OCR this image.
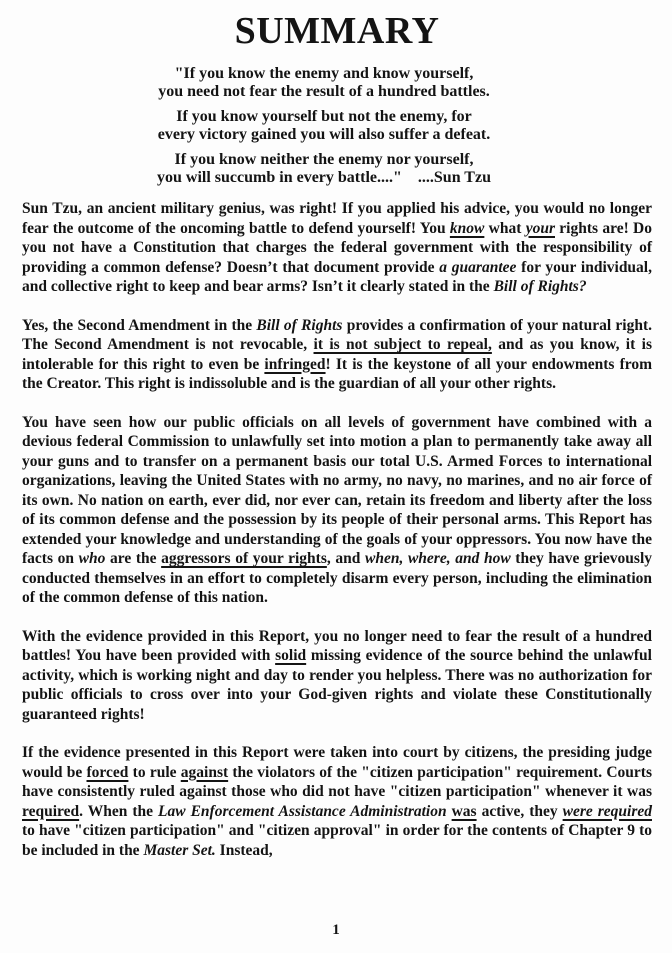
SUMMARY
"If you know the enemy and know yourself,
you need not fear the result of a hundred battles.
If you know yourself but not the enemy, for
every victory gained you will also suffer a defeat.
If you know neither the enemy nor yourself,
you will succumb in every battle...."    ....Sun Tzu

Sun Tzu, an ancient military genius, was right! If you applied his advice, you would no longer fear the outcome of the oncoming battle to defend yourself! You know what your rights are! Do you not have a Constitution that charges the federal government with the responsibility of providing a common defense? Doesn’t that document provide a guarantee for your individual, and collective right to keep and bear arms? Isn’t it clearly stated in the Bill of Rights?

Yes, the Second Amendment in the Bill of Rights provides a confirmation of your natural right. The Second Amendment is not revocable, it is not subject to repeal, and as you know, it is intolerable for this right to even be infringed! It is the keystone of all your endowments from the Creator. This right is indissoluble and is the guardian of all your other rights.

You have seen how our public officials on all levels of government have combined with a devious federal Commission to unlawfully set into motion a plan to permanently take away all your guns and to transfer on a permanent basis our total U.S. Armed Forces to international organizations, leaving the United States with no army, no navy, no marines, and no air force of its own. No nation on earth, ever did, nor ever can, retain its freedom and liberty after the loss of its common defense and the possession by its people of their personal arms. This Report has extended your knowledge and understanding of the goals of your oppressors. You now have the facts on who are the aggressors of your rights, and when, where, and how they have grievously conducted themselves in an effort to completely disarm every person, including the elimination of the common defense of this nation.

With the evidence provided in this Report, you no longer need to fear the result of a hundred battles! You have been provided with solid missing evidence of the source behind the unlawful activity, which is working night and day to render you helpless. There was no authorization for public officials to cross over into your God-given rights and violate these Constitutionally guaranteed rights!

If the evidence presented in this Report were taken into court by citizens, the presiding judge would be forced to rule against the violators of the "citizen participation" requirement. Courts have consistently ruled against those who did not have "citizen participation" whenever it was required. When the Law Enforcement Assistance Administration was active, they were required to have "citizen participation" and "citizen approval" in order for the contents of Chapter 9 to be included in the Master Set. Instead,

1
